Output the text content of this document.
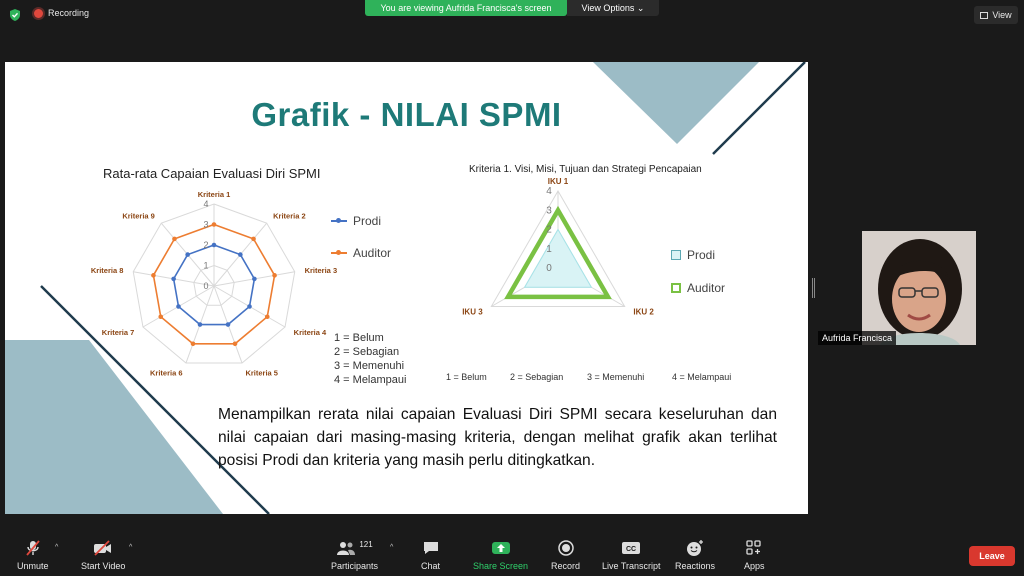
Recording	You are viewing Aufrida Francisca's screen	View Options ⌄
View
0
1
2
3
4
Kriteria 1
Kriteria 2
Kriteria 3
Kriteria 4
Kriteria 5
Kriteria 6
Kriteria 7
Kriteria 8
Kriteria 9
0
1
2
3
4
IKU 1
IKU 2
IKU 3
Grafik - NILAI SPMI
Rata-rata Capaian Evaluasi Diri SPMI	Kriteria 1. Visi, Misi, Tujuan dan Strategi Pencapaian
Prodi
Auditor
1 = Belum
2 = Sebagian
3 = Memenuhi
4 = Melampaui
Prodi
Auditor
1 = Belum	2 = Sebagian	3 = Memenuhi	4 = Melampaui
Menampilkan rerata nilai capaian Evaluasi Diri SPMI secara keseluruhan dan nilai capaian dari masing-masing kriteria, dengan melihat grafik akan terlihat posisi Prodi dan kriteria yang masih perlu ditingkatkan.
Aufrida Francisca
Unmute
^
Start Video
^	121
Participants
^
Chat	Share Screen	Record
CC
Live Transcript Reactions	Apps
Leave
